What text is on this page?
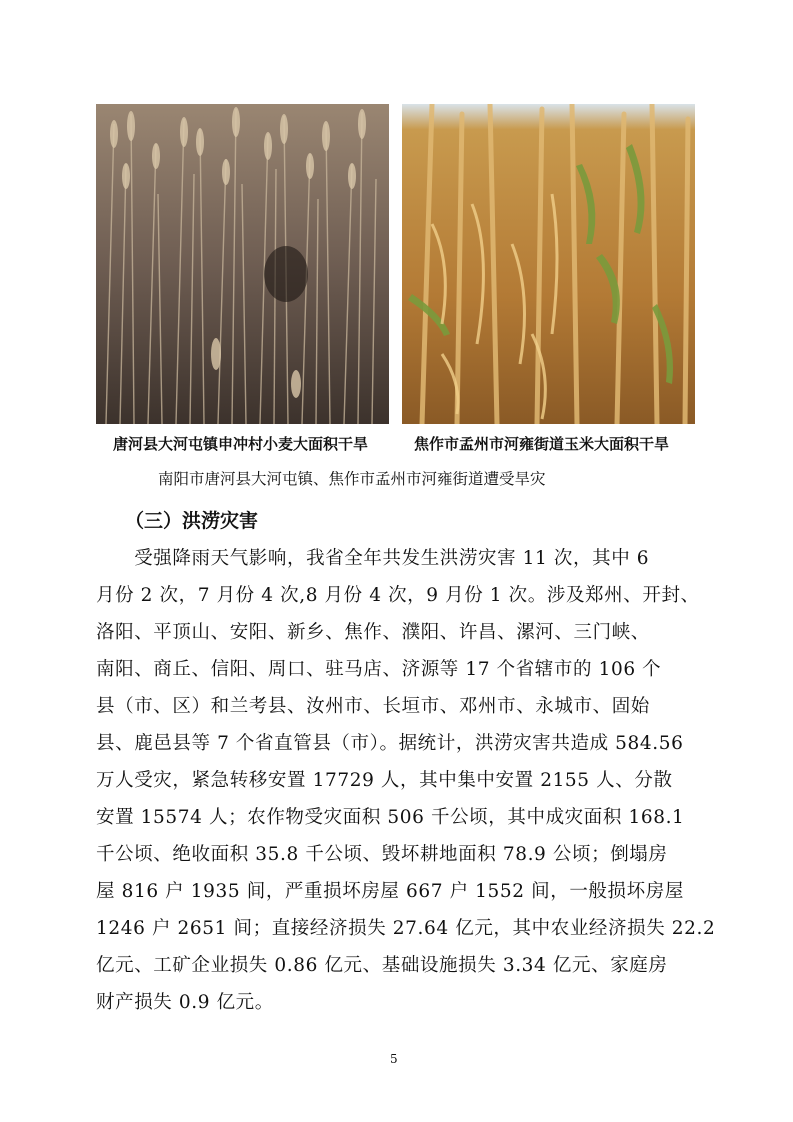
唐河县大河屯镇申冲村小麦大面积干旱	焦作市孟州市河雍街道玉米大面积干旱
南阳市唐河县大河屯镇、焦作市孟州市河雍街道遭受旱灾
（三）洪涝灾害
　　受强降雨天气影响，我省全年共发生洪涝灾害 11 次，其中 6
月份 2 次，7 月份 4 次,8 月份 4 次，9 月份 1 次。涉及郑州、开封、
洛阳、平顶山、安阳、新乡、焦作、濮阳、许昌、漯河、三门峡、
南阳、商丘、信阳、周口、驻马店、济源等 17 个省辖市的 106 个
县（市、区）和兰考县、汝州市、长垣市、邓州市、永城市、固始
县、鹿邑县等 7 个省直管县（市）。据统计，洪涝灾害共造成 584.56
万人受灾，紧急转移安置 17729 人，其中集中安置 2155 人、分散
安置 15574 人；农作物受灾面积 506 千公顷，其中成灾面积 168.1
千公顷、绝收面积 35.8 千公顷、毁坏耕地面积 78.9 公顷；倒塌房
屋 816 户 1935 间，严重损坏房屋 667 户 1552 间，一般损坏房屋
1246 户 2651 间；直接经济损失 27.64 亿元，其中农业经济损失 22.2
亿元、工矿企业损失 0.86 亿元、基础设施损失 3.34 亿元、家庭房
财产损失 0.9 亿元。
5
